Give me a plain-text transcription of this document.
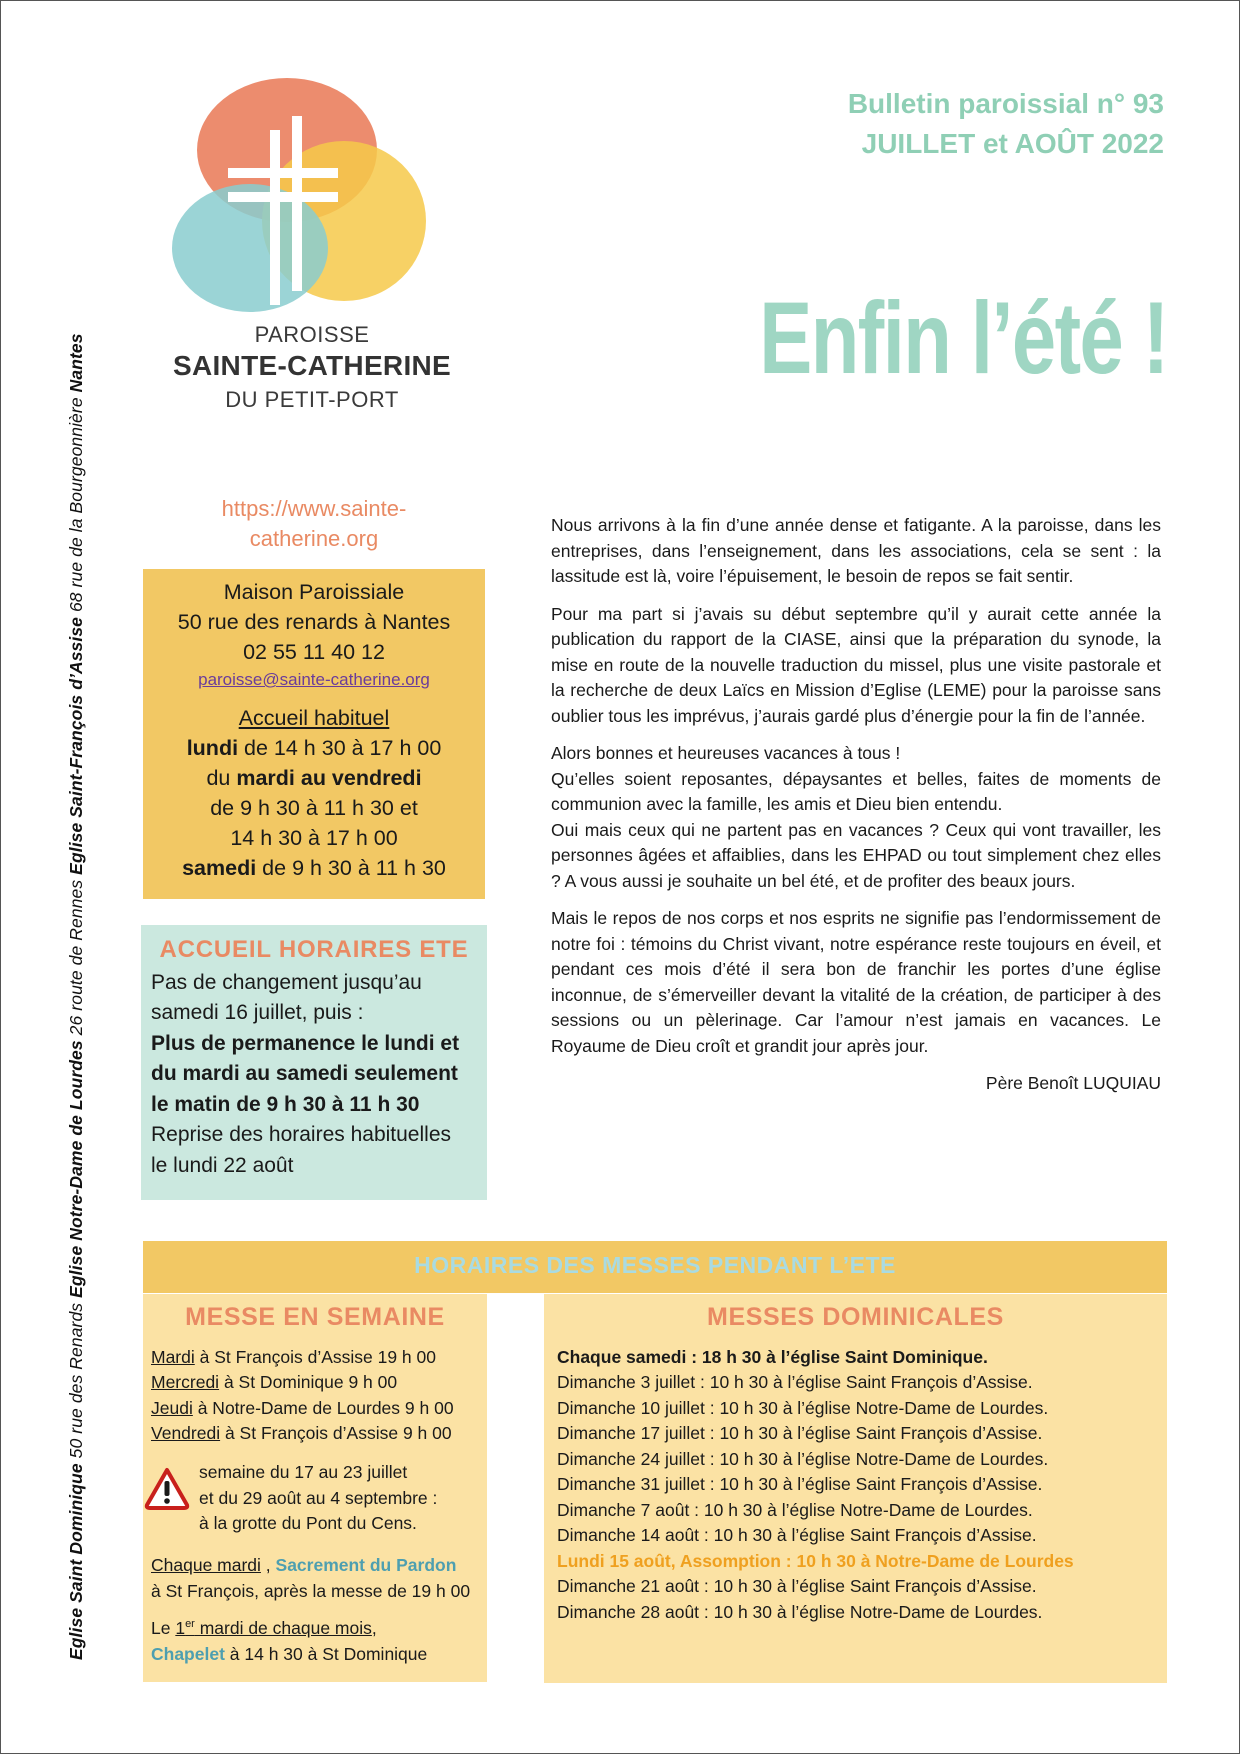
Eglise Saint Dominique 50 rue des Renards Eglise Notre-Dame de Lourdes 26 route de Rennes Eglise Saint-François d’Assise 68 rue de la Bourgeonnière Nantes	PAROISSE
SAINTE-CATHERINE
DU PETIT-PORT
Bulletin paroissial n° 93
JUILLET et AOÛT 2022
Enfin l’été !
https://www.sainte-
catherine.org
Maison Paroissiale
50 rue des renards à Nantes
02 55 11 40 12
paroisse@sainte-catherine.org
Accueil habituel
lundi de 14 h 30 à 17 h 00
du mardi au vendredi
de 9 h 30 à 11 h 30 et
14 h 30 à 17 h 00
samedi de 9 h 30 à 11 h 30
ACCUEIL HORAIRES ETE
Pas de changement jusqu’au
samedi 16 juillet, puis :
Plus de permanence le lundi et
du mardi au samedi seulement
le matin de 9 h 30 à 11 h 30
Reprise des horaires habituelles
le lundi 22 août

Nous arrivons à la fin d’une année dense et fatigante. A la paroisse, dans les entreprises, dans l’enseignement, dans les associations, cela se sent : la lassitude est là, voire l’épuisement, le besoin de repos se fait sentir.

Pour ma part si j’avais su début septembre qu’il y aurait cette année la publication du rapport de la CIASE, ainsi que la préparation du synode, la mise en route de la nouvelle traduction du missel, plus une visite pastorale et la recherche de deux Laïcs en Mission d’Eglise (LEME) pour la paroisse sans oublier tous les imprévus, j’aurais gardé plus d’énergie pour la fin de l’année.

Alors bonnes et heureuses vacances à tous !
Qu’elles soient reposantes, dépaysantes et belles, faites de moments de communion avec la famille, les amis et Dieu bien entendu.

Oui mais ceux qui ne partent pas en vacances ? Ceux qui vont travailler, les personnes âgées et affaiblies, dans les EHPAD ou tout simplement chez elles ? A vous aussi je souhaite un bel été, et de profiter des beaux jours.

Mais le repos de nos corps et nos esprits ne signifie pas l’endormissement de notre foi : témoins du Christ vivant, notre espérance reste toujours en éveil, et pendant ces mois d’été il sera bon de franchir les portes d’une église inconnue, de s’émerveiller devant la vitalité de la création, de participer à des sessions ou un pèlerinage. Car l’amour n’est jamais en vacances. Le Royaume de Dieu croît et grandit jour après jour.

Père Benoît LUQUIAU
HORAIRES DES MESSES PENDANT L’ETE
MESSE EN SEMAINE
Mardi à St François d’Assise 19 h 00
Mercredi à St Dominique 9 h 00
Jeudi à Notre-Dame de Lourdes 9 h 00
Vendredi à St François d’Assise 9 h 00
semaine du 17 au 23 juillet
et du 29 août au 4 septembre :
à la grotte du Pont du Cens.
Chaque mardi , Sacrement du Pardon
à St François, après la messe de 19 h 00
Le 1er mardi de chaque mois,
Chapelet à 14 h 30 à St Dominique
MESSES DOMINICALES
Chaque samedi : 18 h 30 à l’église Saint Dominique.
Dimanche 3 juillet : 10 h 30 à l’église Saint François d’Assise.
Dimanche 10 juillet : 10 h 30 à l’église Notre-Dame de Lourdes.
Dimanche 17 juillet : 10 h 30 à l’église Saint François d’Assise.
Dimanche 24 juillet : 10 h 30 à l’église Notre-Dame de Lourdes.
Dimanche 31 juillet : 10 h 30 à l’église Saint François d’Assise.
Dimanche 7 août : 10 h 30 à l’église Notre-Dame de Lourdes.
Dimanche 14 août : 10 h 30 à l’église Saint François d’Assise.
Lundi 15 août, Assomption : 10 h 30 à Notre-Dame de Lourdes
Dimanche 21 août : 10 h 30 à l’église Saint François d’Assise.
Dimanche 28 août : 10 h 30 à l’église Notre-Dame de Lourdes.
